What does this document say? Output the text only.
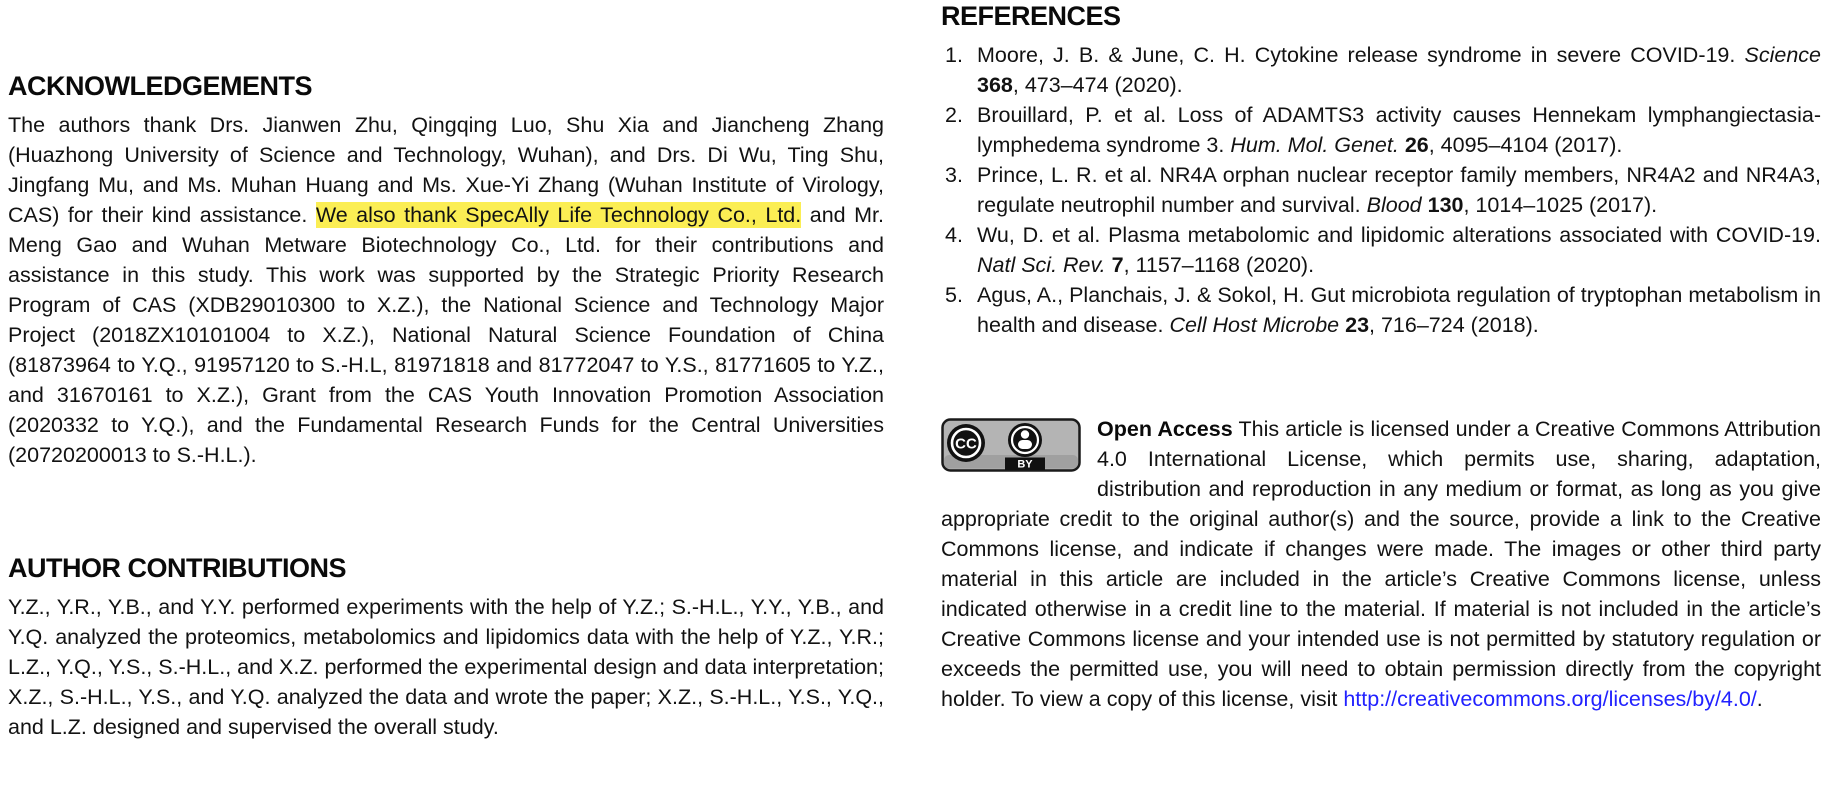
ACKNOWLEDGEMENTS

The authors thank Drs. Jianwen Zhu, Qingqing Luo, Shu Xia and Jiancheng Zhang (Huazhong University of Science and Technology, Wuhan), and Drs. Di Wu, Ting Shu, Jingfang Mu, and Ms. Muhan Huang and Ms. Xue-Yi Zhang (Wuhan Institute of Virology, CAS) for their kind assistance. We also thank SpecAlly Life Technology Co., Ltd. and Mr. Meng Gao and Wuhan Metware Biotechnology Co., Ltd. for their contributions and assistance in this study. This work was supported by the Strategic Priority Research Program of CAS (XDB29010300 to X.Z.), the National Science and Technology Major Project (2018ZX10101004 to X.Z.), National Natural Science Foundation of China (81873964 to Y.Q., 91957120 to S.-H.L, 81971818 and 81772047 to Y.S., 81771605 to Y.Z., and 31670161 to X.Z.), Grant from the CAS Youth Innovation Promotion Association (2020332 to Y.Q.), and the Fundamental Research Funds for the Central Universities (20720200013 to S.-H.L.).

AUTHOR CONTRIBUTIONS

Y.Z., Y.R., Y.B., and Y.Y. performed experiments with the help of Y.Z.; S.-H.L., Y.Y., Y.B., and Y.Q. analyzed the proteomics, metabolomics and lipidomics data with the help of Y.Z., Y.R.; L.Z., Y.Q., Y.S., S.-H.L., and X.Z. performed the experimental design and data interpretation; X.Z., S.-H.L., Y.S., and Y.Q. analyzed the data and wrote the paper; X.Z., S.-H.L., Y.S., Y.Q., and L.Z. designed and supervised the overall study.

REFERENCES
1. Moore, J. B. & June, C. H. Cytokine release syndrome in severe COVID-19. Science 368, 473–474 (2020).
2. Brouillard, P. et al. Loss of ADAMTS3 activity causes Hennekam lymphangiectasia-lymphedema syndrome 3. Hum. Mol. Genet. 26, 4095–4104 (2017).
3. Prince, L. R. et al. NR4A orphan nuclear receptor family members, NR4A2 and NR4A3, regulate neutrophil number and survival. Blood 130, 1014–1025 (2017).
4. Wu, D. et al. Plasma metabolomic and lipidomic alterations associated with COVID-19. Natl Sci. Rev. 7, 1157–1168 (2020).
5. Agus, A., Planchais, J. & Sokol, H. Gut microbiota regulation of tryptophan metabolism in health and disease. Cell Host Microbe 23, 716–724 (2018).
CC
BY

Open Access This article is licensed under a Creative Commons Attribution 4.0 International License, which permits use, sharing, adaptation, distribution and reproduction in any medium or format, as long as you give appropriate credit to the original author(s) and the source, provide a link to the Creative Commons license, and indicate if changes were made. The images or other third party material in this article are included in the article’s Creative Commons license, unless indicated otherwise in a credit line to the material. If material is not included in the article’s Creative Commons license and your intended use is not permitted by statutory regulation or exceeds the permitted use, you will need to obtain permission directly from the copyright holder. To view a copy of this license, visit http://creativecommons.org/licenses/by/4.0/.
